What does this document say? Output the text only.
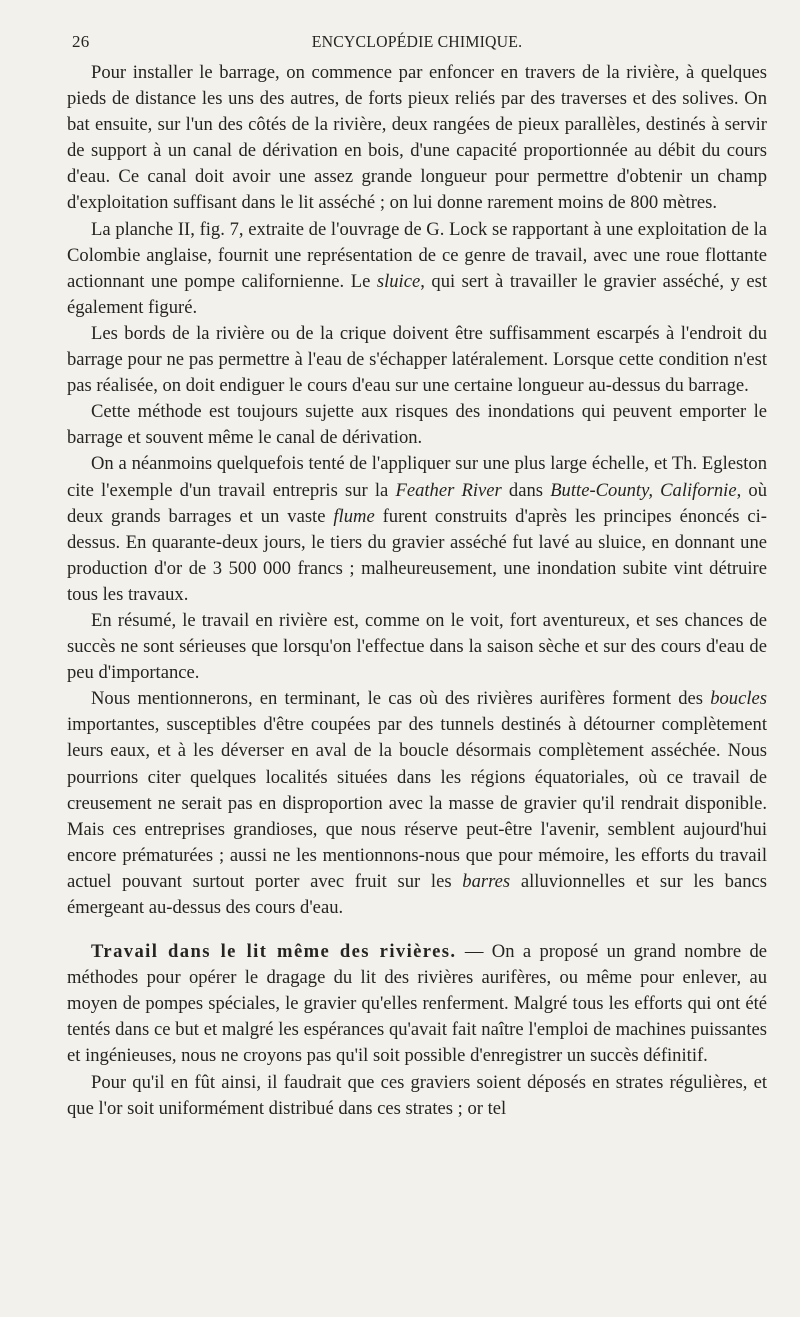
26	ENCYCLOPÉDIE CHIMIQUE.

Pour installer le barrage, on commence par enfoncer en travers de la rivière, à quelques pieds de distance les uns des autres, de forts pieux reliés par des traverses et des solives. On bat ensuite, sur l'un des côtés de la rivière, deux rangées de pieux parallèles, destinés à servir de support à un canal de dérivation en bois, d'une capacité proportionnée au débit du cours d'eau. Ce canal doit avoir une assez grande longueur pour permettre d'obtenir un champ d'exploitation suffisant dans le lit asséché ; on lui donne rarement moins de 800 mètres.

La planche II, fig. 7, extraite de l'ouvrage de G. Lock se rapportant à une exploitation de la Colombie anglaise, fournit une représentation de ce genre de travail, avec une roue flottante actionnant une pompe californienne. Le sluice, qui sert à travailler le gravier asséché, y est également figuré.

Les bords de la rivière ou de la crique doivent être suffisamment escarpés à l'endroit du barrage pour ne pas permettre à l'eau de s'échapper latéralement. Lorsque cette condition n'est pas réalisée, on doit endiguer le cours d'eau sur une certaine longueur au-dessus du barrage.

Cette méthode est toujours sujette aux risques des inondations qui peuvent emporter le barrage et souvent même le canal de dérivation.

On a néanmoins quelquefois tenté de l'appliquer sur une plus large échelle, et Th. Egleston cite l'exemple d'un travail entrepris sur la Feather River dans Butte-County, Californie, où deux grands barrages et un vaste flume furent construits d'après les principes énoncés ci-dessus. En quarante-deux jours, le tiers du gravier asséché fut lavé au sluice, en donnant une production d'or de 3 500 000 francs ; malheureusement, une inondation subite vint détruire tous les travaux.

En résumé, le travail en rivière est, comme on le voit, fort aventureux, et ses chances de succès ne sont sérieuses que lorsqu'on l'effectue dans la saison sèche et sur des cours d'eau de peu d'importance.

Nous mentionnerons, en terminant, le cas où des rivières aurifères forment des boucles importantes, susceptibles d'être coupées par des tunnels destinés à détourner complètement leurs eaux, et à les déverser en aval de la boucle désormais complètement asséchée. Nous pourrions citer quelques localités situées dans les régions équatoriales, où ce travail de creusement ne serait pas en disproportion avec la masse de gravier qu'il rendrait disponible. Mais ces entreprises grandioses, que nous réserve peut-être l'avenir, semblent aujourd'hui encore prématurées ; aussi ne les mentionnons-nous que pour mémoire, les efforts du travail actuel pouvant surtout porter avec fruit sur les barres alluvionnelles et sur les bancs émergeant au-dessus des cours d'eau.

Travail dans le lit même des rivières. — On a proposé un grand nombre de méthodes pour opérer le dragage du lit des rivières aurifères, ou même pour enlever, au moyen de pompes spéciales, le gravier qu'elles renferment. Malgré tous les efforts qui ont été tentés dans ce but et malgré les espérances qu'avait fait naître l'emploi de machines puissantes et ingénieuses, nous ne croyons pas qu'il soit possible d'enregistrer un succès définitif.

Pour qu'il en fût ainsi, il faudrait que ces graviers soient déposés en strates régulières, et que l'or soit uniformément distribué dans ces strates ; or tel
